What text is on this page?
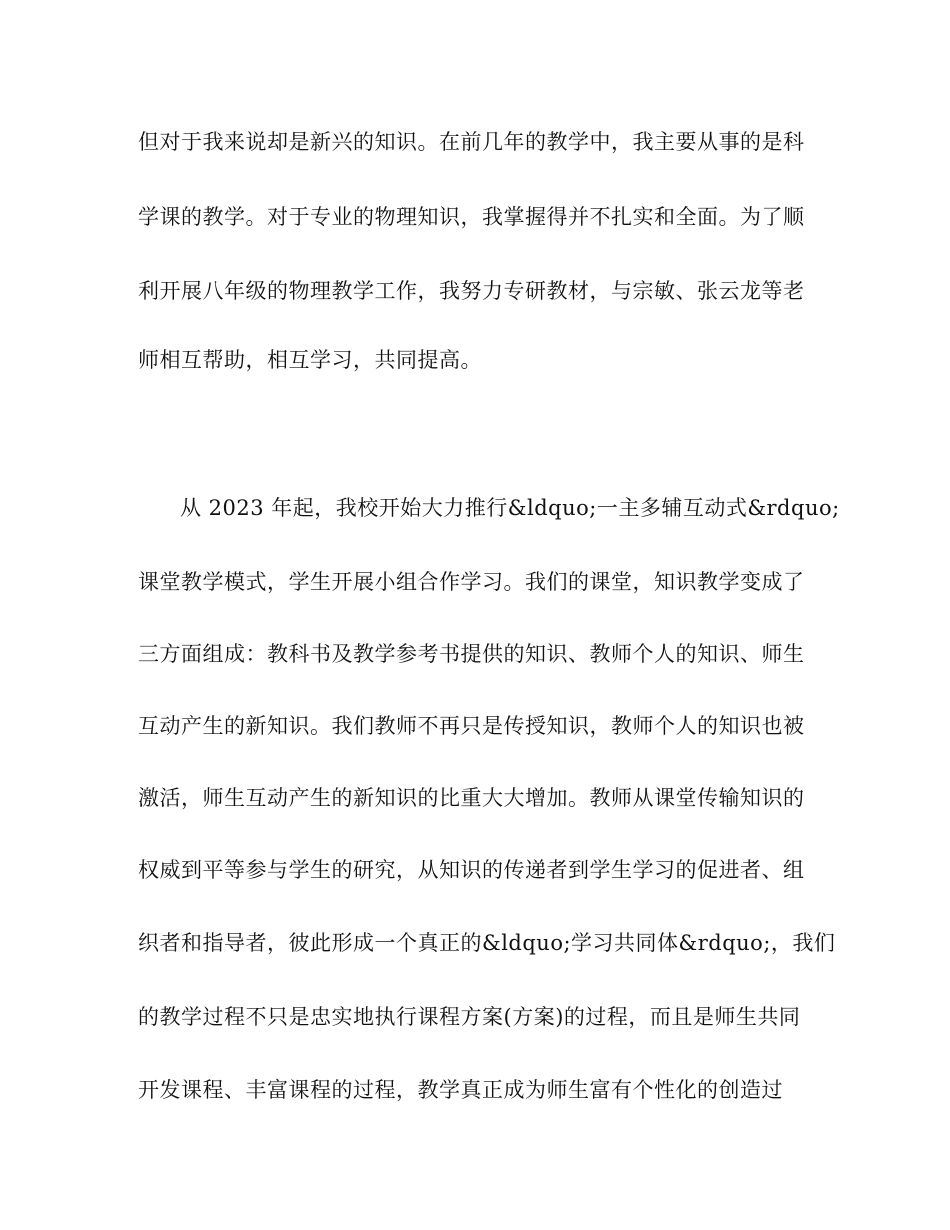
但对于我来说却是新兴的知识。在前几年的教学中，我主要从事的是科
学课的教学。对于专业的物理知识，我掌握得并不扎实和全面。为了顺
利开展八年级的物理教学工作，我努力专研教材，与宗敏、张云龙等老
师相互帮助，相互学习，共同提高。
从 2023 年起，我校开始大力推行&ldquo;一主多辅互动式&rdquo;
课堂教学模式，学生开展小组合作学习。我们的课堂，知识教学变成了
三方面组成：教科书及教学参考书提供的知识、教师个人的知识、师生
互动产生的新知识。我们教师不再只是传授知识，教师个人的知识也被
激活，师生互动产生的新知识的比重大大增加。教师从课堂传输知识的
权威到平等参与学生的研究，从知识的传递者到学生学习的促进者、组
织者和指导者，彼此形成一个真正的&ldquo;学习共同体&rdquo;，我们
的教学过程不只是忠实地执行课程方案(方案)的过程，而且是师生共同
开发课程、丰富课程的过程，教学真正成为师生富有个性化的创造过
